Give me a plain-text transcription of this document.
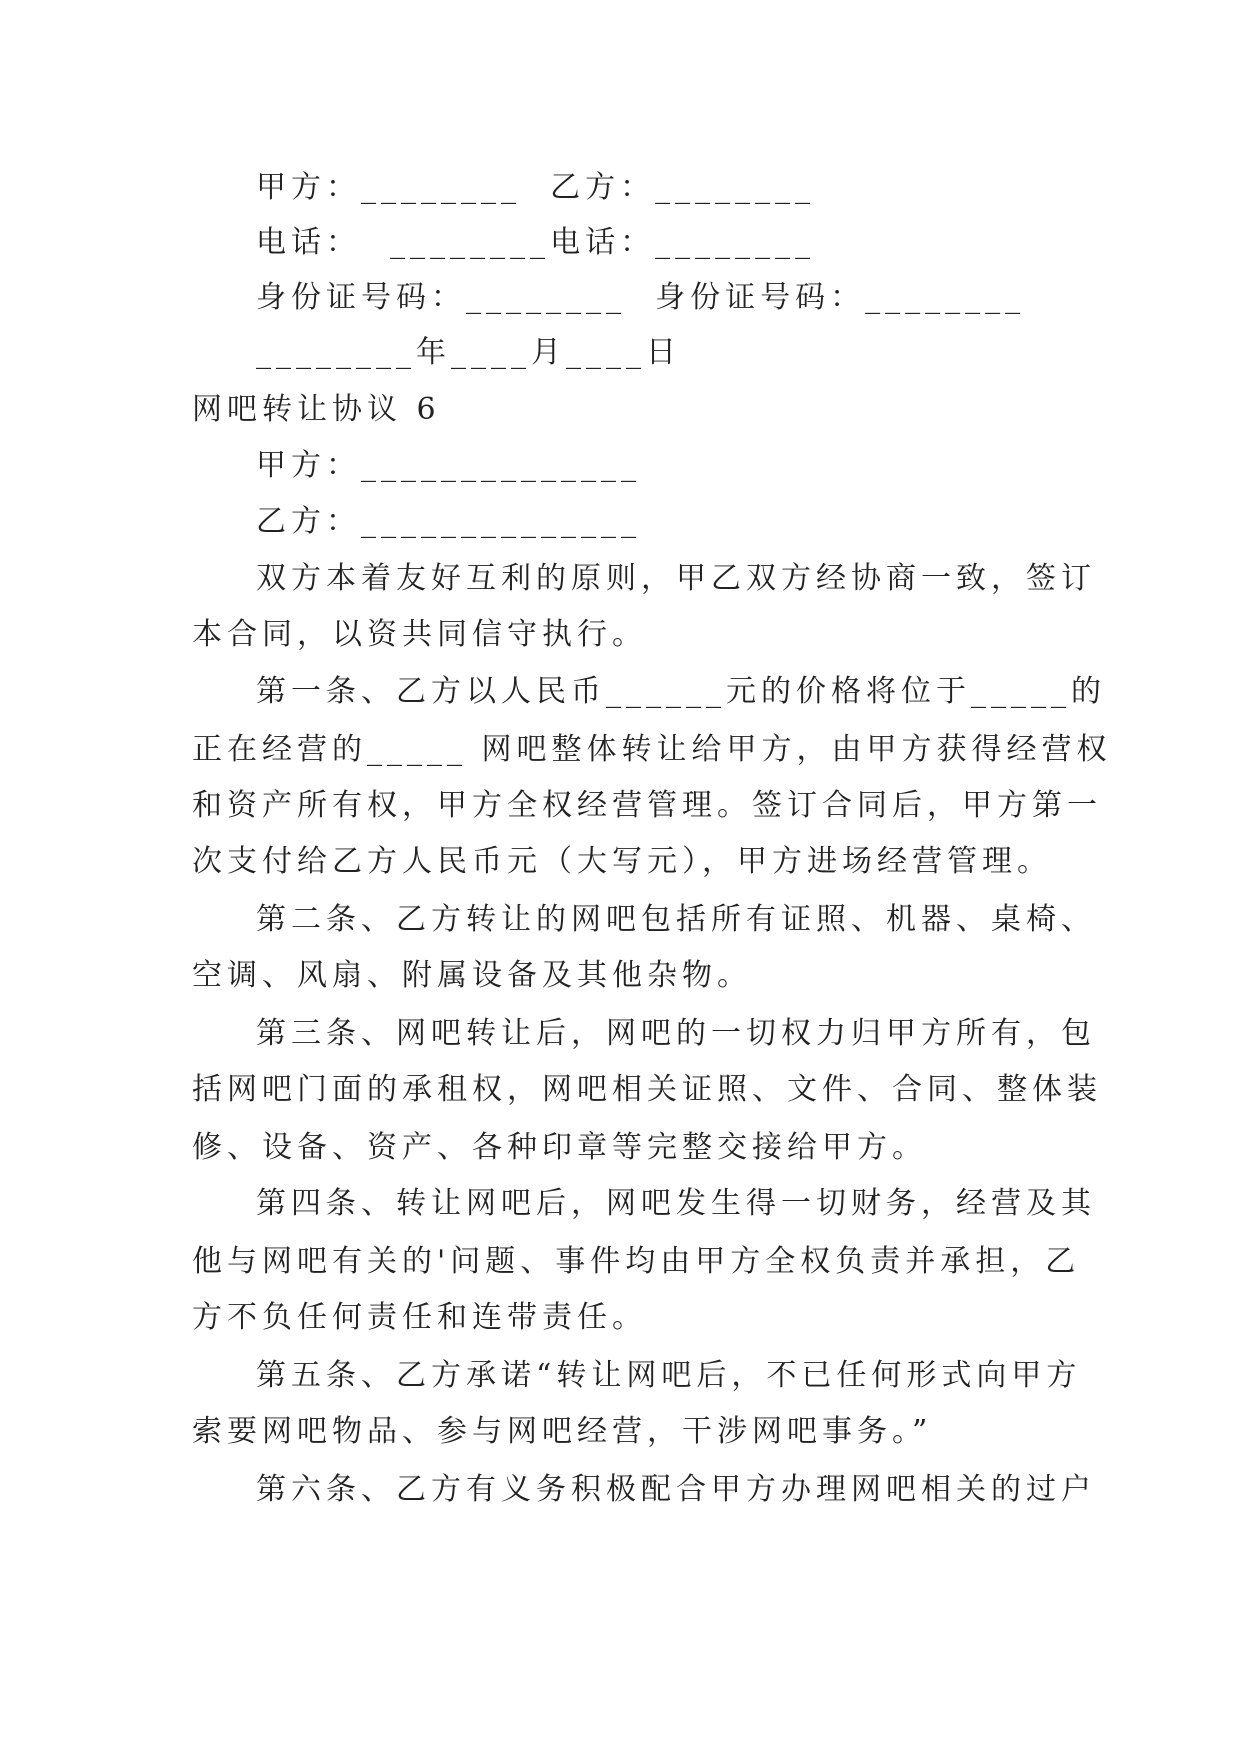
甲方：________  乙方：________
电话：  ________电话：________
身份证号码：________  身份证号码：________
________年____月____日
网吧转让协议 6
甲方：______________
乙方：______________
双方本着友好互利的原则，甲乙双方经协商一致，签订
本合同，以资共同信守执行。
第一条、乙方以人民币______元的价格将位于_____的
正在经营的_____ 网吧整体转让给甲方，由甲方获得经营权
和资产所有权，甲方全权经营管理。签订合同后，甲方第一
次支付给乙方人民币元（大写元），甲方进场经营管理。
第二条、乙方转让的网吧包括所有证照、机器、桌椅、
空调、风扇、附属设备及其他杂物。
第三条、网吧转让后，网吧的一切权力归甲方所有，包
括网吧门面的承租权，网吧相关证照、文件、合同、整体装
修、设备、资产、各种印章等完整交接给甲方。
第四条、转让网吧后，网吧发生得一切财务，经营及其
他与网吧有关的'问题、事件均由甲方全权负责并承担，乙
方不负任何责任和连带责任。
第五条、乙方承诺“转让网吧后，不已任何形式向甲方
索要网吧物品、参与网吧经营，干涉网吧事务。”
第六条、乙方有义务积极配合甲方办理网吧相关的过户
